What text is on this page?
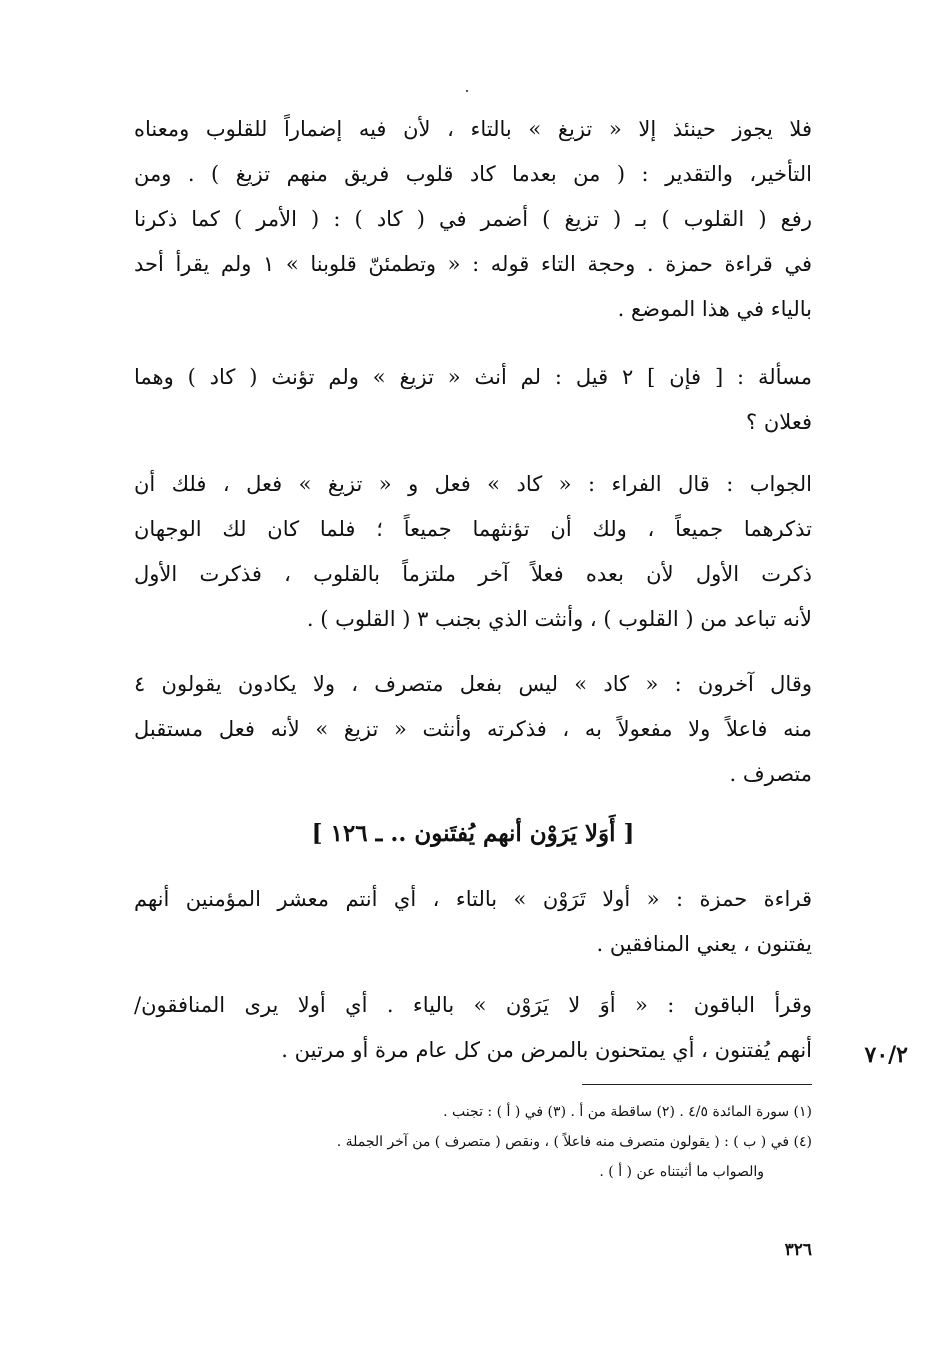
فلا يجوز حينئذ إلا « تزيغ » بالتاء ، لأن فيه إضماراً للقلوب ومعناه
التأخير، والتقدير : ( من بعدما كاد قلوب فريق منهم تزيغ ) . ومن
رفع ( القلوب ) بـ ( تزيغ ) أضمر في ( كاد ) : ( الأمر ) كما ذكرنا
في قراءة حمزة . وحجة التاء قوله : « وتطمئنّ قلوبنا » ١ ولم يقرأ أحد
بالياء في هذا الموضع .

مسألة : [ فإن ] ٢ قيل : لم أنث « تزيغ » ولم تؤنث ( كاد ) وهما
فعلان ؟

الجواب : قال الفراء : « كاد » فعل و « تزيغ » فعل ، فلك أن
تذكرهما جميعاً ، ولك أن تؤنثهما جميعاً ؛ فلما كان لك الوجهان
ذكرت الأول لأن بعده فعلاً آخر ملتزماً بالقلوب ، فذكرت الأول
لأنه تباعد من ( القلوب ) ، وأنثت الذي بجنب ٣ ( القلوب ) .

وقال آخرون : « كاد » ليس بفعل متصرف ، ولا يكادون يقولون ٤
منه فاعلاً ولا مفعولاً به ، فذكرته وأنثت « تزيغ » لأنه فعل مستقبل
متصرف .

[ أَوَلا يَرَوْن أنهم يُفتَنون .. ـ ١٢٦ ]

قراءة حمزة : « أولا تَرَوْن » بالتاء ، أي أنتم معشر المؤمنين أنهم
يفتنون ، يعني المنافقين .

وقرأ الباقون : « أوَ لا يَرَوْن » بالياء . أي أولا يرى المنافقون/
أنهم يُفتنون ، أي يمتحنون بالمرض من كل عام مرة أو مرتين .	٧٠/٢
(١) سورة المائدة ٤/٥ . (٢) ساقطة من أ . (٣) في ( أ ) : تجنب .
(٤) في ( ب ) : ( يقولون متصرف منه فاعلاً ) ، ونقص ( متصرف ) من آخر الجملة .
والصواب ما أثبتناه عن ( أ ) .
٣٢٦
